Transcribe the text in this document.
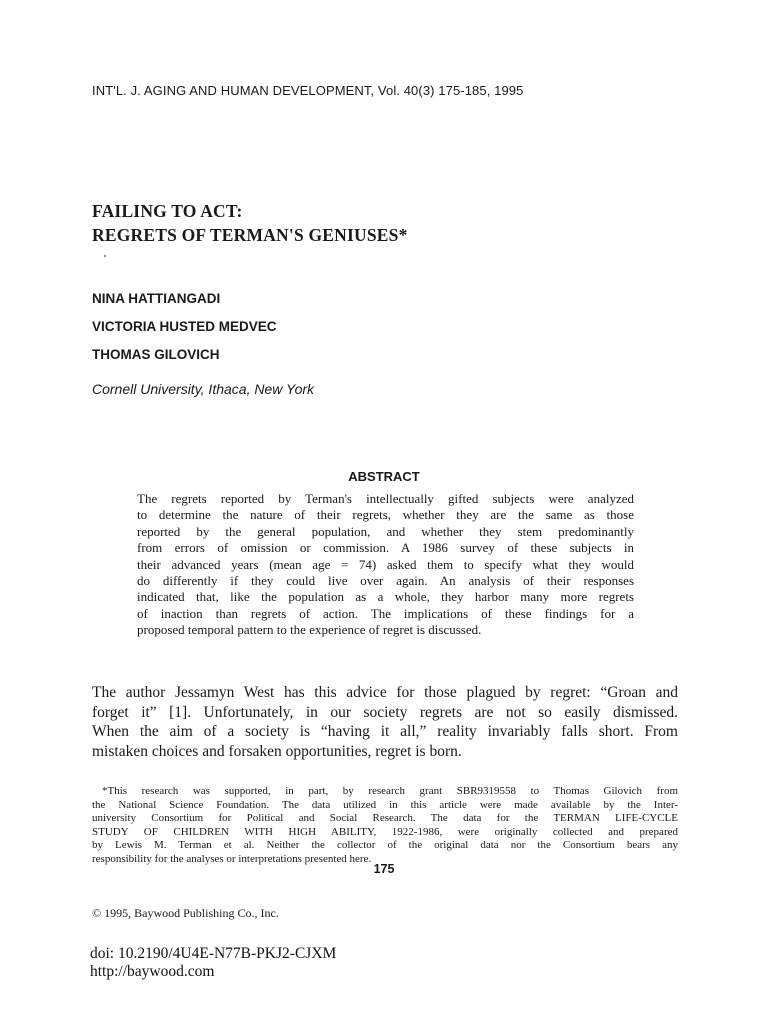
INT'L. J. AGING AND HUMAN DEVELOPMENT, Vol. 40(3) 175-185, 1995
FAILING TO ACT:
REGRETS OF TERMAN'S GENIUSES*
NINA HATTIANGADI
VICTORIA HUSTED MEDVEC
THOMAS GILOVICH
Cornell University, Ithaca, New York
ABSTRACT
The regrets reported by Terman's intellectually gifted subjects were analyzed
to determine the nature of their regrets, whether they are the same as those
reported by the general population, and whether they stem predominantly
from errors of omission or commission. A 1986 survey of these subjects in
their advanced years (mean age = 74) asked them to specify what they would
do differently if they could live over again. An analysis of their responses
indicated that, like the population as a whole, they harbor many more regrets
of inaction than regrets of action. The implications of these findings for a
proposed temporal pattern to the experience of regret is discussed.
The author Jessamyn West has this advice for those plagued by regret: “Groan and
forget it” [1]. Unfortunately, in our society regrets are not so easily dismissed.
When the aim of a society is “having it all,” reality invariably falls short. From
mistaken choices and forsaken opportunities, regret is born.
*This research was supported, in part, by research grant SBR9319558 to Thomas Gilovich from
the National Science Foundation. The data utilized in this article were made available by the Inter-
university Consortium for Political and Social Research. The data for the TERMAN LIFE-CYCLE
STUDY OF CHILDREN WITH HIGH ABILITY, 1922-1986, were originally collected and prepared
by Lewis M. Terman et al. Neither the collector of the original data nor the Consortium bears any
responsibility for the analyses or interpretations presented here.
175
© 1995, Baywood Publishing Co., Inc.
doi: 10.2190/4U4E-N77B-PKJ2-CJXM
http://baywood.com
